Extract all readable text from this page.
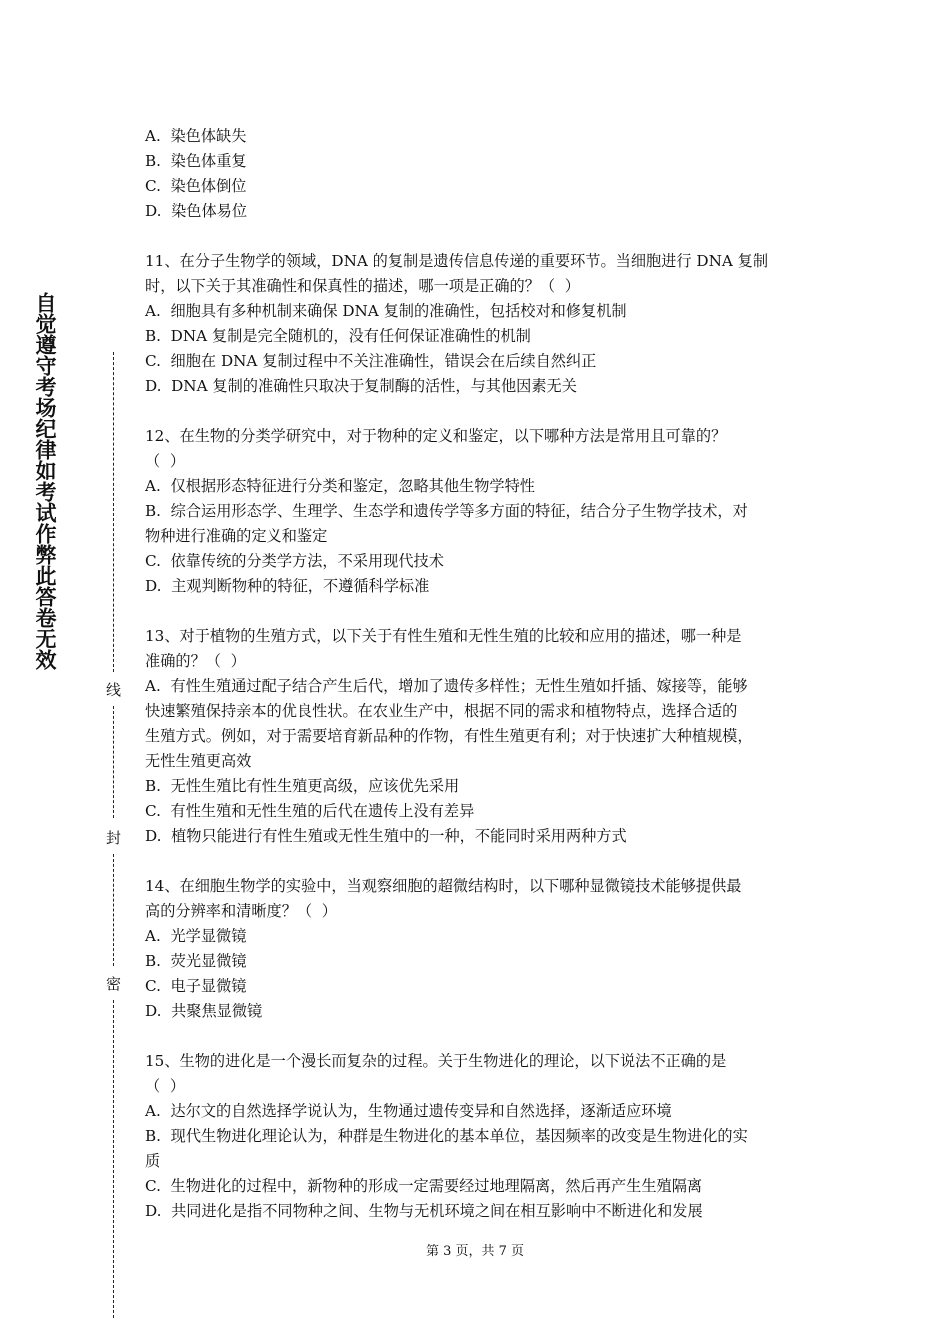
自觉遵守考场纪律如考试作弊此答卷无效
线
封
密
A.  染色体缺失
B.  染色体重复
C.  染色体倒位
D.  染色体易位
11、在分子生物学的领域，DNA 的复制是遗传信息传递的重要环节。当细胞进行 DNA 复制
时，以下关于其准确性和保真性的描述，哪一项是正确的？（  ）
A.  细胞具有多种机制来确保 DNA 复制的准确性，包括校对和修复机制
B.  DNA 复制是完全随机的，没有任何保证准确性的机制
C.  细胞在 DNA 复制过程中不关注准确性，错误会在后续自然纠正
D.  DNA 复制的准确性只取决于复制酶的活性，与其他因素无关
12、在生物的分类学研究中，对于物种的定义和鉴定，以下哪种方法是常用且可靠的？
（  ）
A.  仅根据形态特征进行分类和鉴定，忽略其他生物学特性
B.  综合运用形态学、生理学、生态学和遗传学等多方面的特征，结合分子生物学技术，对
物种进行准确的定义和鉴定
C.  依靠传统的分类学方法，不采用现代技术
D.  主观判断物种的特征，不遵循科学标准
13、对于植物的生殖方式，以下关于有性生殖和无性生殖的比较和应用的描述，哪一种是
准确的？（  ）
A.  有性生殖通过配子结合产生后代，增加了遗传多样性；无性生殖如扦插、嫁接等，能够
快速繁殖保持亲本的优良性状。在农业生产中，根据不同的需求和植物特点，选择合适的
生殖方式。例如，对于需要培育新品种的作物，有性生殖更有利；对于快速扩大种植规模，
无性生殖更高效
B.  无性生殖比有性生殖更高级，应该优先采用
C.  有性生殖和无性生殖的后代在遗传上没有差异
D.  植物只能进行有性生殖或无性生殖中的一种，不能同时采用两种方式
14、在细胞生物学的实验中，当观察细胞的超微结构时，以下哪种显微镜技术能够提供最
高的分辨率和清晰度？（  ）
A.  光学显微镜
B.  荧光显微镜
C.  电子显微镜
D.  共聚焦显微镜
15、生物的进化是一个漫长而复杂的过程。关于生物进化的理论，以下说法不正确的是
（  ）
A.  达尔文的自然选择学说认为，生物通过遗传变异和自然选择，逐渐适应环境
B.  现代生物进化理论认为，种群是生物进化的基本单位，基因频率的改变是生物进化的实
质
C.  生物进化的过程中，新物种的形成一定需要经过地理隔离，然后再产生生殖隔离
D.  共同进化是指不同物种之间、生物与无机环境之间在相互影响中不断进化和发展
第 3 页，共 7 页
